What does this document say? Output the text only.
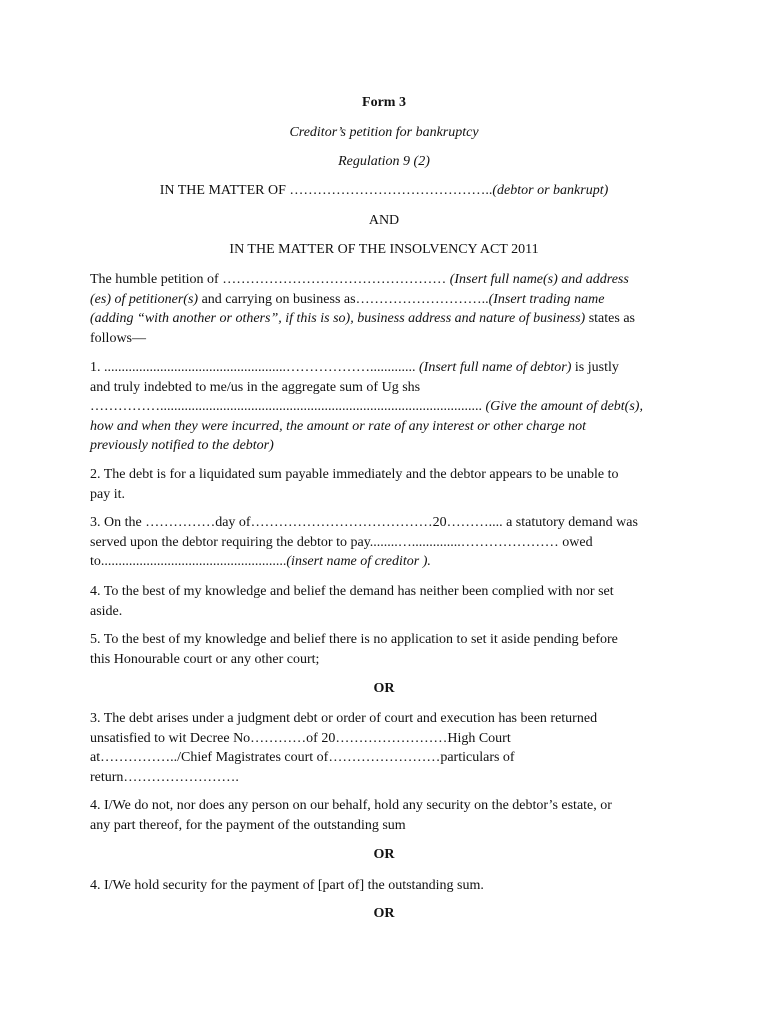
Form 3
Creditor’s petition for bankruptcy
Regulation 9 (2)
IN THE MATTER OF ……………………………………..(debtor or bankrupt)
AND
IN THE MATTER OF THE INSOLVENCY ACT 2011
The humble petition of ………………………………………… (Insert full name(s) and address
(es) of petitioner(s) and carrying on business as………………………..(Insert trading name
(adding “with another or others”, if this is so), business address and nature of business) states as
follows—
1. ....................................................………………............. (Insert full name of debtor) is justly
and truly indebted to me/us in the aggregate sum of Ug shs
……………............................................................................................ (Give the amount of debt(s),
how and when they were incurred, the amount or rate of any interest or other charge not
previously notified to the debtor)
2. The debt is for a liquidated sum payable immediately and the debtor appears to be unable to
pay it.
3. On the ……………day of…………………………………20……….... a statutory demand was
served upon the debtor requiring the debtor to pay........…..............………………… owed
to.....................................................(insert name of creditor ).
4. To the best of my knowledge and belief the demand has neither been complied with nor set
aside.
5. To the best of my knowledge and belief there is no application to set it aside pending before
this Honourable court or any other court;
OR
3. The debt arises under a judgment debt or order of court and execution has been returned
unsatisfied to wit Decree No…………of 20……………………High Court
at……………../Chief Magistrates court of……………………particulars of
return…………………….
4. I/We do not, nor does any person on our behalf, hold any security on the debtor’s estate, or
any part thereof, for the payment of the outstanding sum
OR
4. I/We hold security for the payment of [part of] the outstanding sum.
OR
